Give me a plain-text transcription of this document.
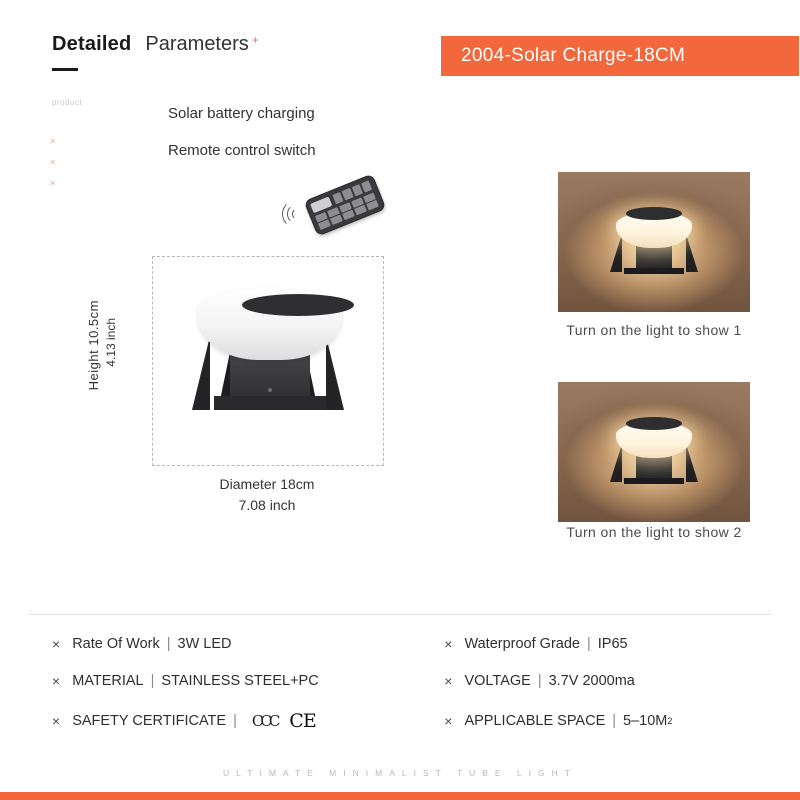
Detailed Parameters +
product
×
×
×
2004-Solar Charge-18CM
Solar battery charging
Remote control switch
Height 10.5cm 4.13 inch
Diameter 18cm
7.08 inch
Turn on the light to show 1
Turn on the light to show 2
× Rate Of Work | 3W LED	× Waterproof Grade | IP65
× MATERIAL | STAINLESS STEEL+PC	× VOLTAGE | 3.7V 2000ma
× SAFETY CERTIFICATE | CCC CE	× APPLICABLE SPACE | 5–10M 2
ULTIMATE MINIMALIST TUBE LIGHT
